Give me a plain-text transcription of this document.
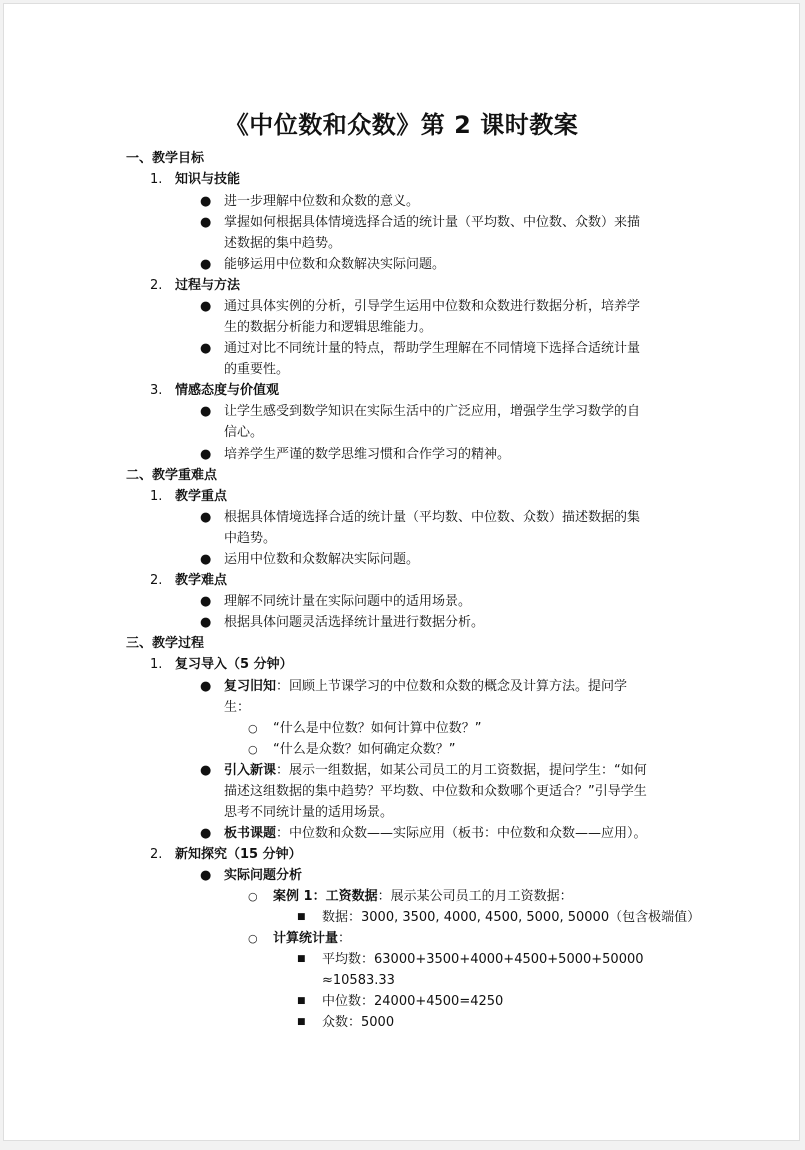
《中位数和众数》第 2 课时教案
一、教学目标
1. 知识与技能
● 进一步理解中位数和众数的意义。
● 掌握如何根据具体情境选择合适的统计量（平均数、中位数、众数）来描
述数据的集中趋势。
● 能够运用中位数和众数解决实际问题。
2. 过程与方法
● 通过具体实例的分析，引导学生运用中位数和众数进行数据分析，培养学
生的数据分析能力和逻辑思维能力。
● 通过对比不同统计量的特点，帮助学生理解在不同情境下选择合适统计量
的重要性。
3. 情感态度与价值观
● 让学生感受到数学知识在实际生活中的广泛应用，增强学生学习数学的自
信心。
● 培养学生严谨的数学思维习惯和合作学习的精神。
二、教学重难点
1. 教学重点
● 根据具体情境选择合适的统计量（平均数、中位数、众数）描述数据的集
中趋势。
● 运用中位数和众数解决实际问题。
2. 教学难点
● 理解不同统计量在实际问题中的适用场景。
● 根据具体问题灵活选择统计量进行数据分析。
三、教学过程
1. 复习导入（5 分钟）
● 复习旧知：回顾上节课学习的中位数和众数的概念及计算方法。提问学
生：
○ “什么是中位数？如何计算中位数？”
○ “什么是众数？如何确定众数？”
● 引入新课：展示一组数据，如某公司员工的月工资数据，提问学生：“如何
描述这组数据的集中趋势？平均数、中位数和众数哪个更适合？”引导学生
思考不同统计量的适用场景。
● 板书课题：中位数和众数——实际应用（板书：中位数和众数——应用）。
2. 新知探究（15 分钟）
● 实际问题分析
○ 案例 1：工资数据：展示某公司员工的月工资数据：
■ 数据：3000, 3500, 4000, 4500, 5000, 50000（包含极端值）
○ 计算统计量：
■ 平均数：63000+3500+4000+4500+5000+50000
≈10583.33
■ 中位数：24000+4500=4250
■ 众数：5000
